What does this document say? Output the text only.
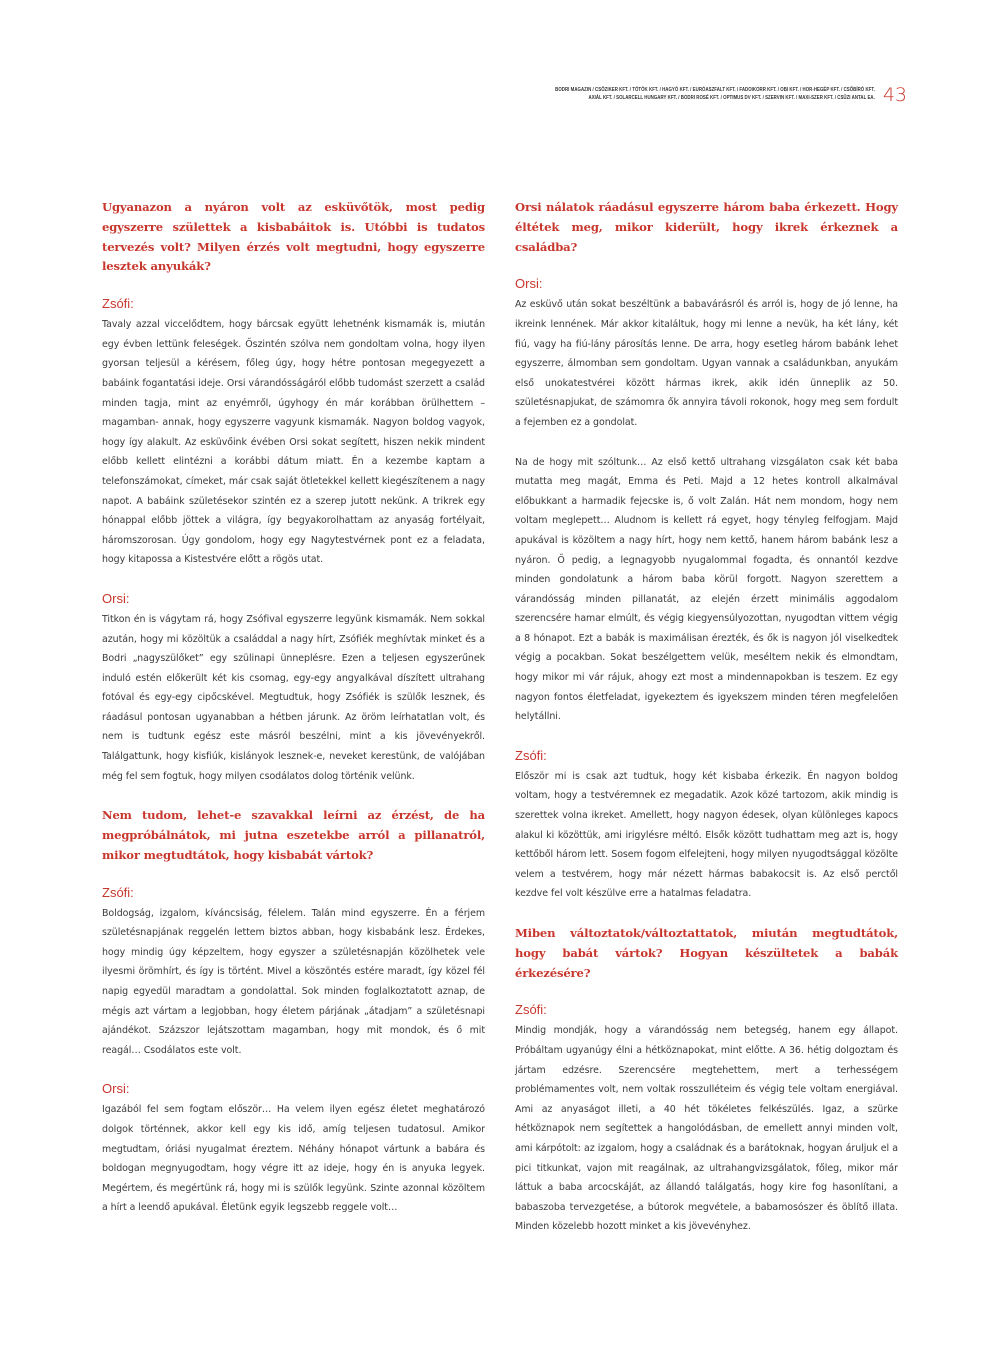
BODRI MAGAZIN / CSŐZIKER KFT. / TÖTÖK KFT. / HAGYÓ KFT. / EURÓASZFALT KFT. / FADOIKORR KFT. / OBI KFT. / HOR-HEGÉP KFT. / CSŐBÍRÓ KFT.
AXIÁL KFT. / SOLARCELL HUNGARY KFT. / BODRI ROSÉ KFT. / OPTIMUS DV KFT. / SZERVIN KFT. / MAXI-SZER KFT. / CSŰZI ANTAL EA. 43

Ugyanazon a nyáron volt az esküvőtök, most pedig egyszerre születtek a kisbabáitok is. Utóbbi is tudatos tervezés volt? Milyen érzés volt megtudni, hogy egyszerre lesztek anyukák?

Zsófi:

Tavaly azzal viccelődtem, hogy bárcsak együtt lehetnénk kismamák is, miután egy évben lettünk feleségek. Őszintén szólva nem gondoltam volna, hogy ilyen gyorsan teljesül a kérésem, főleg úgy, hogy hétre pontosan megegyezett a babáink fogantatási ideje. Orsi várandósságáról előbb tudomást szerzett a család minden tagja, mint az enyémről, úgyhogy én már korábban örülhettem –magamban- annak, hogy egyszerre vagyunk kismamák. Nagyon boldog vagyok, hogy így alakult. Az esküvőink évében Orsi sokat segített, hiszen nekik mindent előbb kellett elintézni a korábbi dátum miatt. Én a kezembe kaptam a telefonszámokat, címeket, már csak saját ötletekkel kellett kiegészítenem a nagy napot. A babáink születésekor szintén ez a szerep jutott nekünk. A trikrek egy hónappal előbb jöttek a világra, így begyakorolhattam az anyaság fortélyait, háromszorosan. Úgy gondolom, hogy egy Nagytestvérnek pont ez a feladata, hogy kitapossa a Kistestvére előtt a rögös utat.

Orsi:

Titkon én is vágytam rá, hogy Zsófival egyszerre legyünk kismamák. Nem sokkal azután, hogy mi közöltük a családdal a nagy hírt, Zsófiék meghívtak minket és a Bodri „nagyszülőket” egy szülinapi ünneplésre. Ezen a teljesen egyszerűnek induló estén előkerült két kis csomag, egy-egy angyalkával díszített ultrahang fotóval és egy-egy cipőcskével. Megtudtuk, hogy Zsófiék is szülők lesznek, és ráadásul pontosan ugyanabban a hétben járunk. Az öröm leírhatatlan volt, és nem is tudtunk egész este másról beszélni, mint a kis jövevényekről. Találgattunk, hogy kisfiúk, kislányok lesznek-e, neveket kerestünk, de valójában még fel sem fogtuk, hogy milyen csodálatos dolog történik velünk.

Nem tudom, lehet-e szavakkal leírni az érzést, de ha megpróbálnátok, mi jutna eszetekbe arról a pillanatról, mikor megtudtátok, hogy kisbabát vártok?

Zsófi:

Boldogság, izgalom, kíváncsiság, félelem. Talán mind egyszerre. Én a férjem születésnapjának reggelén lettem biztos abban, hogy kisbabánk lesz. Érdekes, hogy mindig úgy képzeltem, hogy egyszer a születésnapján közölhetek vele ilyesmi örömhírt, és így is történt. Mivel a köszöntés estére maradt, így közel fél napig egyedül maradtam a gondolattal. Sok minden foglalkoztatott aznap, de mégis azt vártam a legjobban, hogy életem párjának „átadjam” a születésnapi ajándékot. Százszor lejátszottam magamban, hogy mit mondok, és ő mit reagál… Csodálatos este volt.

Orsi:

Igazából fel sem fogtam először… Ha velem ilyen egész életet meghatározó dolgok történnek, akkor kell egy kis idő, amíg teljesen tudatosul. Amikor megtudtam, óriási nyugalmat éreztem. Néhány hónapot vártunk a babára és boldogan megnyugodtam, hogy végre itt az ideje, hogy én is anyuka legyek. Megértem, és megértünk rá, hogy mi is szülők legyünk. Szinte azonnal közöltem a hírt a leendő apukával. Életünk egyik legszebb reggele volt…

Orsi nálatok ráadásul egyszerre három baba érkezett. Hogy éltétek meg, mikor kiderült, hogy ikrek érkeznek a családba?

Orsi:

Az esküvő után sokat beszéltünk a babavárásról és arról is, hogy de jó lenne, ha ikreink lennének. Már akkor kitaláltuk, hogy mi lenne a nevük, ha két lány, két fiú, vagy ha fiú-lány párosítás lenne. De arra, hogy esetleg három babánk lehet egyszerre, álmomban sem gondoltam. Ugyan vannak a családunkban, anyukám első unokatestvérei között hármas ikrek, akik idén ünneplik az 50. születésnapjukat, de számomra ők annyira távoli rokonok, hogy meg sem fordult a fejemben ez a gondolat.

Na de hogy mit szóltunk… Az első kettő ultrahang vizsgálaton csak két baba mutatta meg magát, Emma és Peti. Majd a 12 hetes kontroll alkalmával előbukkant a harmadik fejecske is, ő volt Zalán. Hát nem mondom, hogy nem voltam meglepett… Aludnom is kellett rá egyet, hogy tényleg felfogjam. Majd apukával is közöltem a nagy hírt, hogy nem kettő, hanem három babánk lesz a nyáron. Ő pedig, a legnagyobb nyugalommal fogadta, és onnantól kezdve minden gondolatunk a három baba körül forgott. Nagyon szerettem a várandósság minden pillanatát, az elején érzett minimális aggodalom szerencsére hamar elmúlt, és végig kiegyensúlyozottan, nyugodtan vittem végig a 8 hónapot. Ezt a babák is maximálisan érezték, és ők is nagyon jól viselkedtek végig a pocakban. Sokat beszélgettem velük, meséltem nekik és elmondtam, hogy mikor mi vár rájuk, ahogy ezt most a mindennapokban is teszem. Ez egy nagyon fontos életfeladat, igyekeztem és igyekszem minden téren megfelelően helytállni.

Zsófi:

Először mi is csak azt tudtuk, hogy két kisbaba érkezik. Én nagyon boldog voltam, hogy a testvéremnek ez megadatik. Azok közé tartozom, akik mindig is szerettek volna ikreket. Amellett, hogy nagyon édesek, olyan különleges kapocs alakul ki közöttük, ami irigylésre méltó. Elsők között tudhattam meg azt is, hogy kettőből három lett. Sosem fogom elfelejteni, hogy milyen nyugodtsággal közölte velem a testvérem, hogy már nézett hármas babakocsit is. Az első perctől kezdve fel volt készülve erre a hatalmas feladatra.

Miben változtatok/változtattatok, miután megtudtátok, hogy babát vártok? Hogyan készültetek a babák érkezésére?

Zsófi:

Mindig mondják, hogy a várandósság nem betegség, hanem egy állapot. Próbáltam ugyanúgy élni a hétköznapokat, mint előtte. A 36. hétig dolgoztam és jártam edzésre. Szerencsére megtehettem, mert a terhességem problémamentes volt, nem voltak rosszulléteim és végig tele voltam energiával. Ami az anyaságot illeti, a 40 hét tökéletes felkészülés. Igaz, a szürke hétköznapok nem segítettek a hangolódásban, de emellett annyi minden volt, ami kárpótolt: az izgalom, hogy a családnak és a barátoknak, hogyan áruljuk el a pici titkunkat, vajon mit reagálnak, az ultrahangvizsgálatok, főleg, mikor már láttuk a baba arcocskáját, az állandó találgatás, hogy kire fog hasonlítani, a babaszoba tervezgetése, a bútorok megvétele, a babamosószer és öblítő illata. Minden közelebb hozott minket a kis jövevényhez.
